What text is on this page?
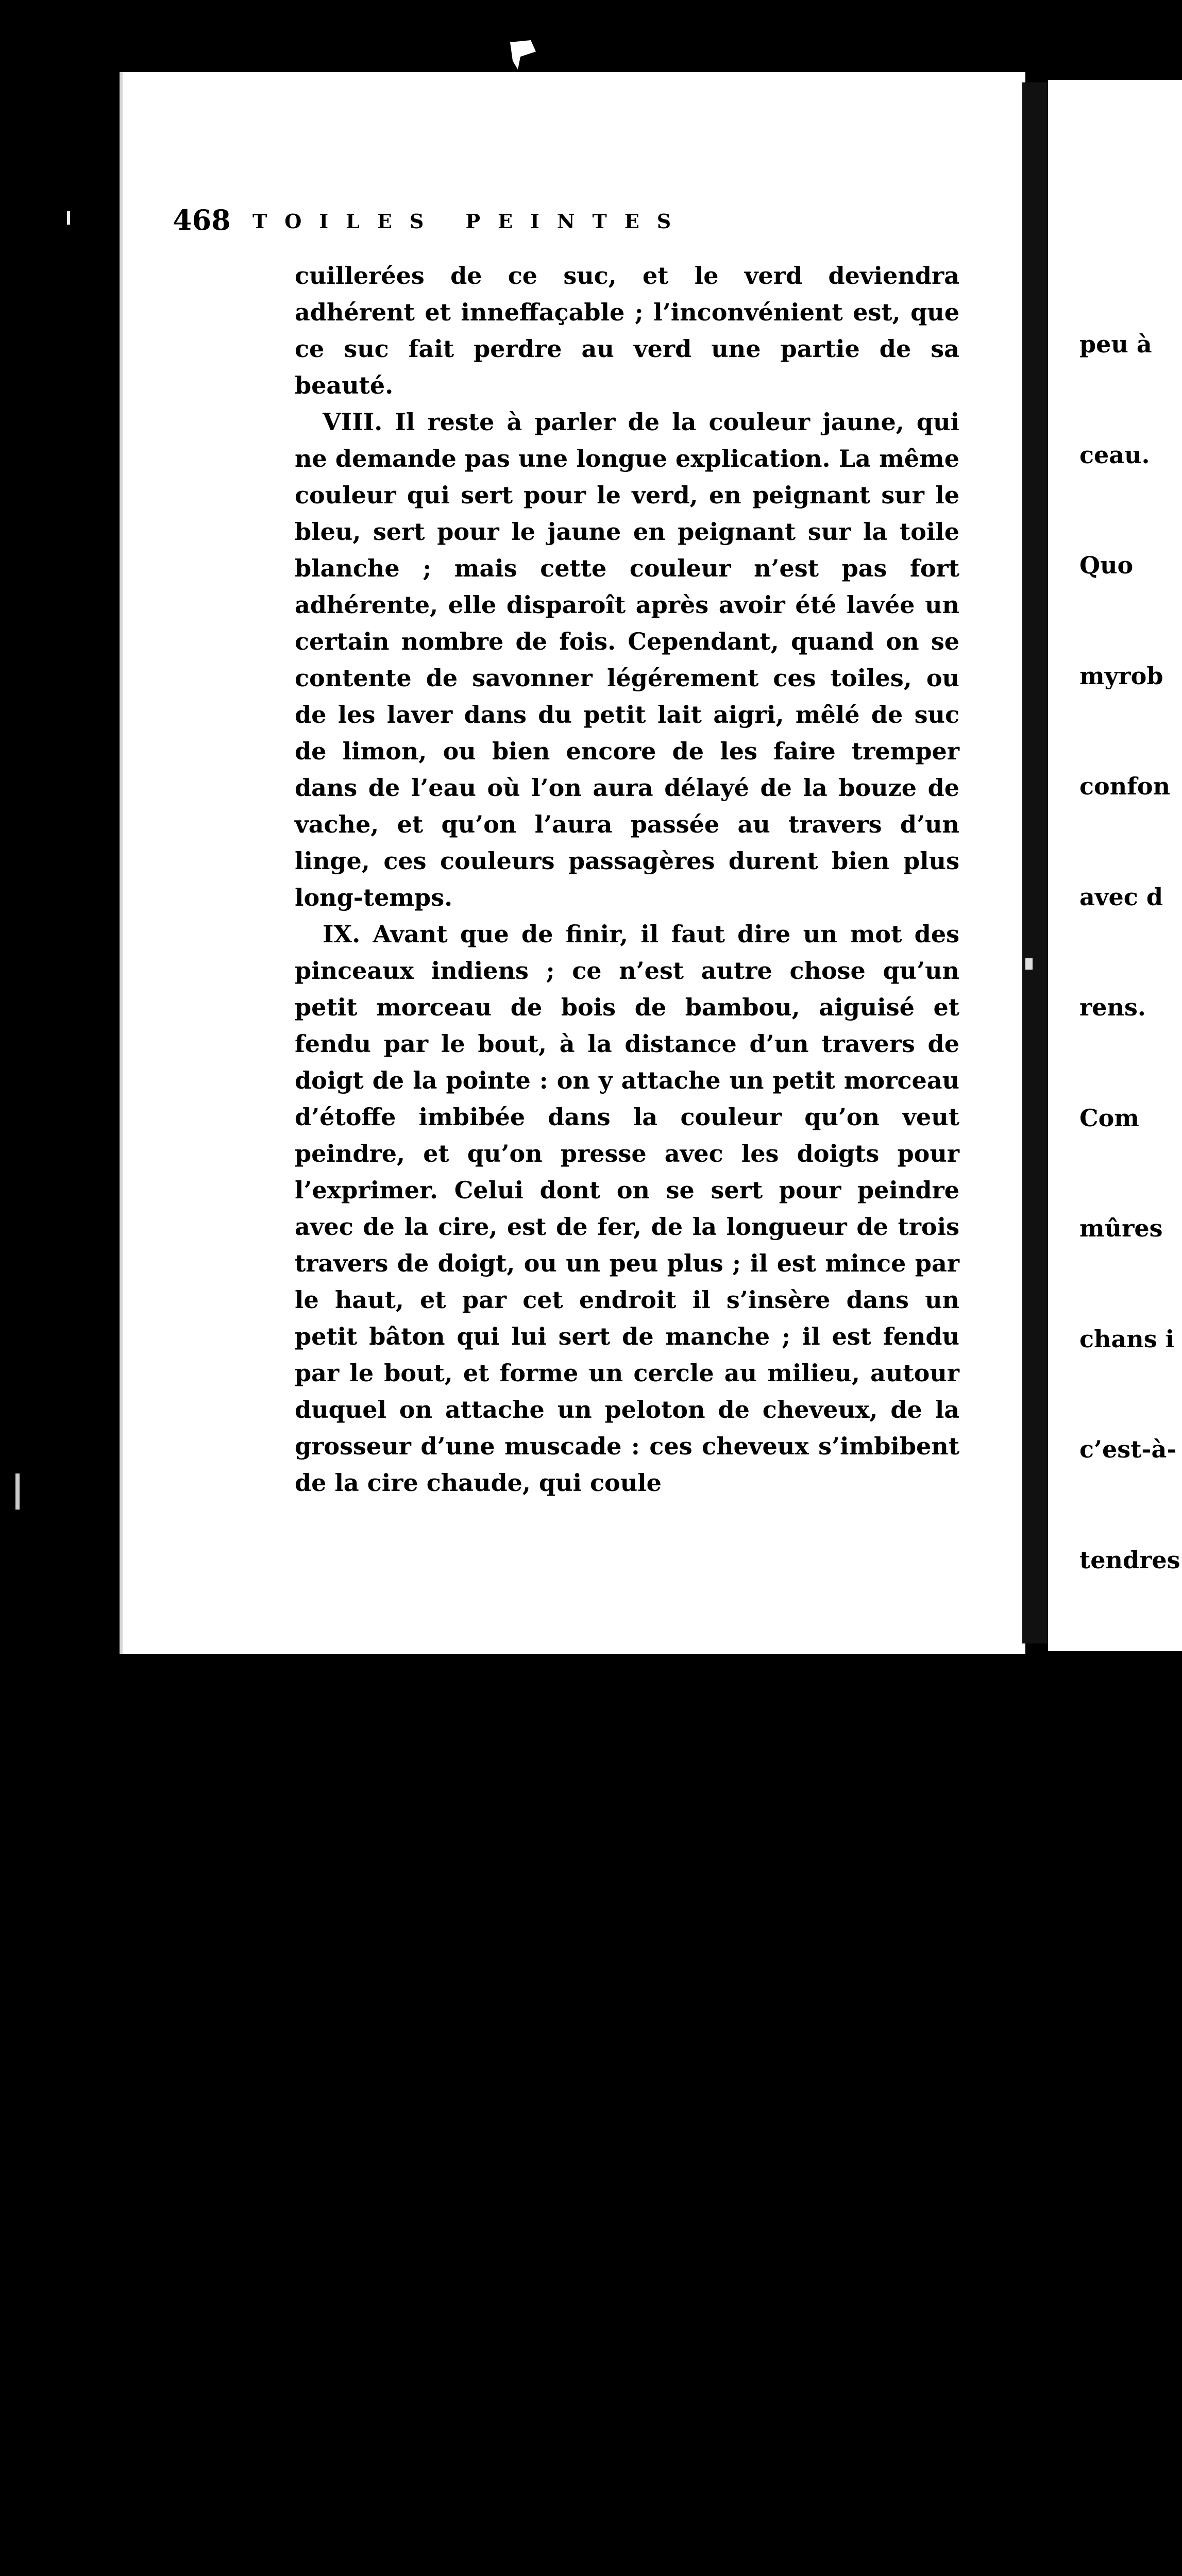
468 TOILES PEINTES

cuillerées de ce suc, et le verd deviendra adhérent et inneffaçable ; l’inconvénient est, que ce suc fait perdre au verd une partie de sa beauté.

VIII. Il reste à parler de la couleur jaune, qui ne demande pas une longue explication. La même couleur qui sert pour le verd, en peignant sur le bleu, sert pour le jaune en peignant sur la toile blanche ; mais cette couleur n’est pas fort adhérente, elle disparoît après avoir été lavée un certain nombre de fois. Cependant, quand on se contente de savonner légérement ces toiles, ou de les laver dans du petit lait aigri, mêlé de suc de limon, ou bien encore de les faire tremper dans de l’eau où l’on aura délayé de la bouze de vache, et qu’on l’aura passée au travers d’un linge, ces couleurs passagères durent bien plus long-temps.

IX. Avant que de finir, il faut dire un mot des pinceaux indiens ; ce n’est autre chose qu’un petit morceau de bois de bambou, aiguisé et fendu par le bout, à la distance d’un travers de doigt de la pointe : on y attache un petit morceau d’étoffe imbibée dans la couleur qu’on veut peindre, et qu’on presse avec les doigts pour l’exprimer. Celui dont on se sert pour peindre avec de la cire, est de fer, de la longueur de trois travers de doigt, ou un peu plus ; il est mince par le haut, et par cet endroit il s’insère dans un petit bâton qui lui sert de manche ; il est fendu par le bout, et forme un cercle au milieu, autour duquel on attache un peloton de cheveux, de la grosseur d’une muscade : ces cheveux s’imbibent de la cire chaude, qui coule

peu à

ceau.

Quo

myrob

confon

avec d

rens.

Com

mûres

chans i

c’est-à-

tendres

qu’on a

ils parc

que ce

La r

tes réc

des eau

parlé ai

mêmes

quelles
